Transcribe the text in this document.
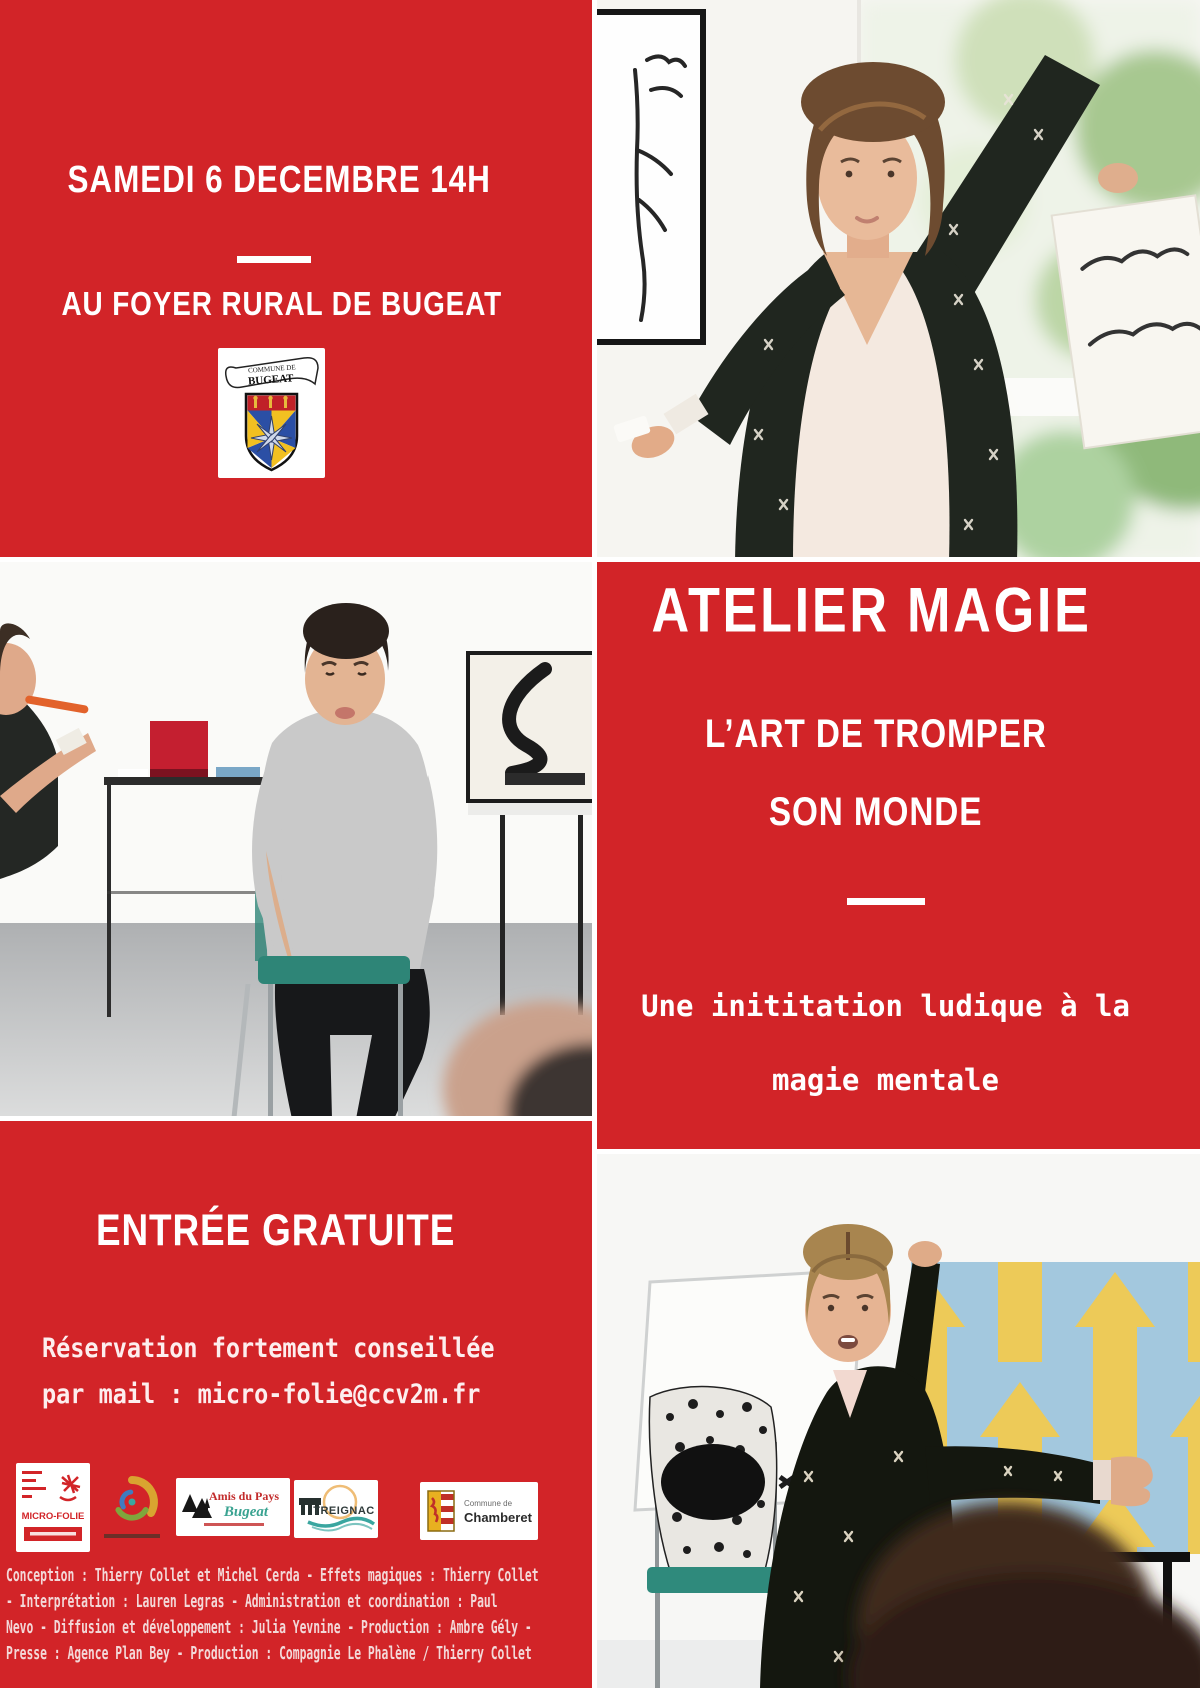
SAMEDI 6 DECEMBRE 14H
AU FOYER RURAL DE BUGEAT
COMMUNE DE
BUGEAT
ATELIER MAGIE
L’ART DE TROMPER
SON MONDE
Une inititation ludique à la
magie mentale
ENTRÉE GRATUITE
Réservation fortement conseillée
par mail : micro-folie@ccv2m.fr
MICRO-FOLIE
Amis du Pays
Bugeat	TREIGNAC
Commune de
Chamberet
Conception : Thierry Collet et Michel Cerda - Effets magiques : Thierry Collet
- Interprétation : Lauren Legras - Administration et coordination : Paul
Nevo - Diffusion et développement : Julia Yevnine - Production : Ambre Gély -
Presse : Agence Plan Bey - Production : Compagnie Le Phalène / Thierry Collet
